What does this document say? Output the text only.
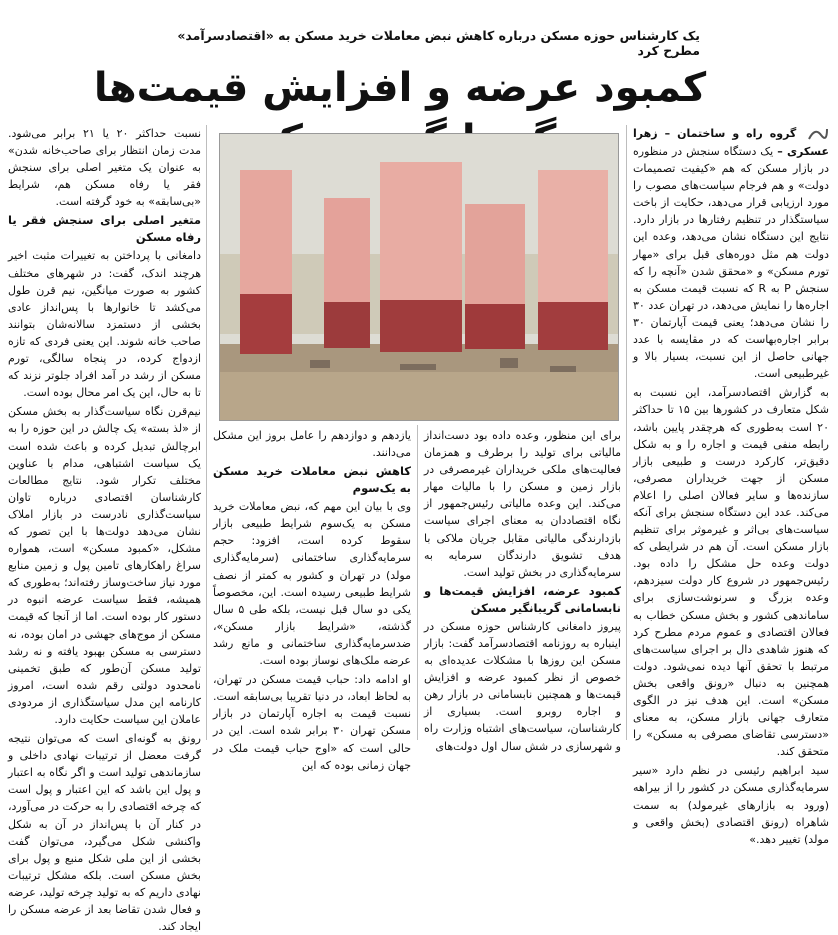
یک کارشناس حوزه مسکن درباره کاهش نبض معاملات خرید مسکن به «اقتصادسرآمد» مطرح کرد
کمبود عرضه و افزایش قیمت‌ها

گروه راه و ساختمان – زهرا عسکری – یک دستگاه سنجش در منظوره در بازار مسکن که هم «کیفیت تصمیمات دولت» و هم فرجام سیاست‌های مصوب را مورد ارزیابی قرار می‌دهد، حکایت از باخت سیاستگذار در تنظیم رفتارها در بازار دارد. نتایج این دستگاه نشان می‌دهد، وعده این دولت هم مثل دوره‌های قبل برای «مهار تورم مسکن» و «محقق شدن «آنچه را که سنجش P به R که نسبت قیمت مسکن به اجاره‌ها را نمایش می‌دهد، در تهران عدد ۳۰ را نشان می‌دهد؛ یعنی قیمت آپارتمان ۳۰ برابر اجاره‌بهاست که در مقایسه با عدد جهانی حاصل از این نسبت، بسیار بالا و غیرطبیعی است.

به گزارش اقتصادسرآمد، این نسبت به شکل متعارف در کشورها بین ۱۵ تا حداکثر ۲۰ است به‌طوری که هرچقدر پایین باشد، رابطه منفی قیمت و اجاره را و به شکل دقیق‌تر، کارکرد درست و طبیعی بازار مسکن از جهت خریداران مصرفی، سازنده‌ها و سایر فعالان اصلی را اعلام می‌کند. عدد این دستگاه سنجش برای آنکه سیاست‌های بی‌اثر و غیرموثر برای تنظیم بازار مسکن است. آن هم در شرایطی که دولت وعده حل مشکل را داده بود. رئیس‌جمهور در شروع کار دولت سیزدهم، وعده بزرگ و سرنوشت‌سازی برای ساماندهی کشور و بخش مسکن خطاب به فعالان اقتصادی و عموم مردم مطرح کرد که هنوز شاهدی دال بر اجرای سیاست‌های مرتبط با تحقق آنها دیده نمی‌شود. دولت همچنین به دنبال «رونق واقعی بخش مسکن» است. این هدف نیز در الگوی متعارف جهانی بازار مسکن، به معنای «دسترسی تقاضای مصرفی به مسکن» را متحقق کند.

سید ابراهیم رئیسی در نظم دارد «سیر سرمایه‌گذاری مسکن در کشور را از بیراهه (ورود به بازارهای غیرمولد) به سمت شاهراه (رونق اقتصادی (بخش واقعی و مولد) تغییر دهد.»

برای این منظور، وعده داده بود دست‌انداز مالیاتی برای تولید را برطرف و همزمان فعالیت‌های ملکی خریداران غیرمصرفی در بازار زمین و مسکن را با مالیات مهار می‌کند. این وعده مالیاتی رئیس‌جمهور از نگاه اقتصاددان به معنای اجرای سیاست بازدارندگی مالیاتی مقابل جریان ملاکی با هدف تشویق دارندگان سرمایه به سرمایه‌گذاری در بخش تولید است.

کمبود عرضه، افزایش قیمت‌ها و نابسامانی گریبانگیر مسکن

پیروز دامغانی کارشناس حوزه مسکن در اینباره به روزنامه اقتصادسرآمد گفت: بازار مسکن این روزها با مشکلات عدیده‌ای به خصوص از نظر کمبود عرضه و افزایش قیمت‌ها و همچنین نابسامانی در بازار رهن و اجاره روبرو است. بسیاری از کارشناسان، سیاست‌های اشتباه وزارت راه و شهرسازی در شش سال اول دولت‌های

یازدهم و دوازدهم را عامل بروز این مشکل می‌دانند.

کاهش نبض معاملات خرید مسکن به یک‌سوم

وی با بیان این مهم که، نبض معاملات خرید مسکن به یک‌سوم شرایط طبیعی بازار سقوط کرده است، افزود: حجم سرمایه‌گذاری ساختمانی (سرمایه‌گذاری مولد) در تهران و کشور به کمتر از نصف شرایط طبیعی رسیده است. این، مخصوصاً یکی دو سال قبل نیست، بلکه طی ۵ سال گذشته، «شرایط بازار مسکن»، ضدسرمایه‌گذاری ساختمانی و مانع رشد عرضه ملک‌های نوساز بوده است.

او ادامه داد: حباب قیمت مسکن در تهران، به لحاظ ابعاد، در دنیا تقریبا بی‌سابقه است. نسبت قیمت به اجاره آپارتمان در بازار مسکن تهران ۳۰ برابر شده است. این در حالی است که «اوج حباب قیمت ملک در جهان زمانی بوده که این

نسبت حداکثر ۲۰ یا ۲۱ برابر می‌شود. مدت زمان انتظار برای صاحب‌خانه شدن» به عنوان یک متغیر اصلی برای سنجش فقر یا رفاه مسکن هم، شرایط «بی‌سابقه» به خود گرفته است.

متغیر اصلی برای سنجش فقر یا رفاه مسکن

دامغانی با پرداختن به تغییرات مثبت اخیر هرچند اندک، گفت: در شهرهای مختلف کشور به صورت میانگین، نیم قرن طول می‌کشد تا خانوارها با پس‌انداز عادی بخشی از دستمزد سالانه‌شان بتوانند صاحب خانه شوند. این یعنی فردی که تازه ازدواج کرده، در پنجاه سالگی، تورم مسکن از رشد در آمد افراد جلوتر نزند که تا به حال، این یک امر محال بوده است.

نیم‌قرن نگاه سیاست‌گذار به بخش مسکن از «لذ بسته» یک چالش در این حوزه را به ابرچالش تبدیل کرده و باعث شده است یک سیاست اشتباهی، مدام با عناوین مختلف تکرار شود. نتایج مطالعات کارشناسان اقتصادی درباره تاوان سیاست‌گذاری نادرست در بازار املاک نشان می‌دهد دولت‌ها با این تصور که مشکل، «کمبود مسکن» است، همواره سراغ راهکارهای تامین پول و زمین منابع مورد نیاز ساخت‌وساز رفته‌اند؛ به‌طوری که همیشه، فقط سیاست عرضه انبوه در دستور کار بوده است. اما از آنجا که قیمت مسکن از موج‌های جهشی در امان بوده، نه دسترسی به مسکن بهبود یافته و نه رشد تولید مسکن آن‌طور که طبق تخمینی نامحدود دولتی رقم شده است، امروز کارنامه این مدل سیاستگذاری از مردودی عاملان این سیاست حکایت دارد.

رونق به گونه‌ای است که می‌توان نتیجه گرفت معضل از ترتیبات نهادی داخلی و سازماندهی تولید است و اگر نگاه به اعتبار و پول این باشد که این اعتبار و پول است که چرخه اقتصادی را به حرکت در می‌آورد، در کنار آن با پس‌انداز در آن به شکل واکنشی شکل می‌گیرد، می‌توان گفت بخشی از این ملی شکل منبع و پول برای بخش مسکن است. بلکه مشکل ترتیبات نهادی داریم که به تولید چرخه تولید، عرضه و فعال شدن تقاضا بعد از عرضه مسکن را ایجاد کند.
